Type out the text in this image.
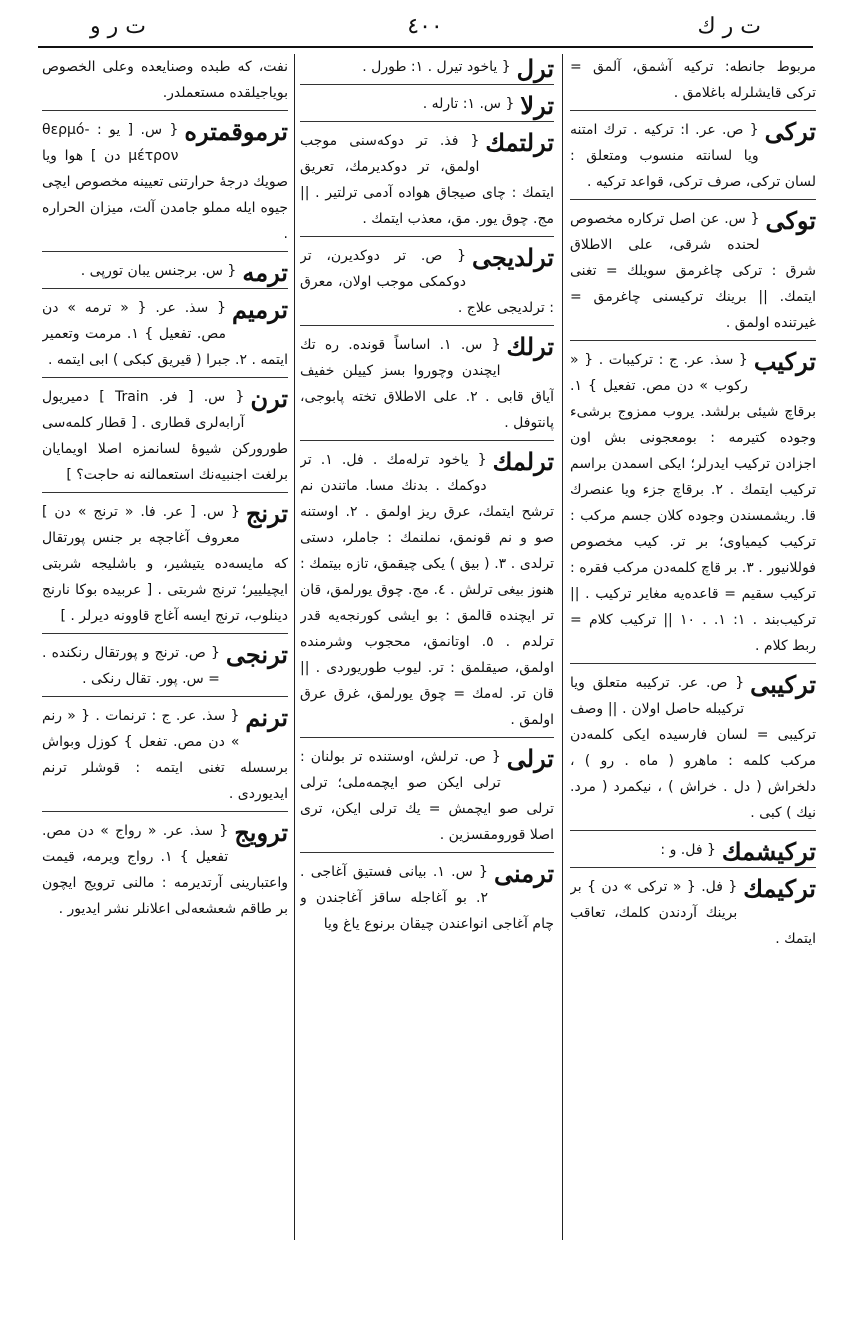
ت ر و	٤٠٠	ت ر ك

مربوط جانطه: ترکيه آشمق، آلمق = ترکی قايشلرله باغلامق .

تركى
{ ص. عر. ا: ترکيه . ترك امتنه ويا لسانته منسوب ومتعلق : لسان ترکی، صرف ترکی، قواعد ترکيه .

توكى
{ س. عن اصل ترکاره مخصوص لحنده شرقی، علی الاطلاق شرق : ترکی چاغرمق سويلك = تغنی ايتمك. || برينك ترکيسنی چاغرمق = غيرتنده اولمق .

تركيب
{ سذ. عر. ج : ترکيبات . { « رکوب » دن مص. تفعيل } ١. برقاچ شيئی برلشد. يروب ممزوج برشیء وجوده کتيرمه : بومعجونی بش اون اجزادن ترکيب ايدرلر؛ ايکی اسمدن براسم ترکيب ايتمك . ٢. برقاچ جزء ويا عنصرك قا. ريشمسندن وجوده کلان جسم مرکب : ترکيب کيمياوی؛ بر تر. کيب مخصوص فوللانيور . ٣. بر قاچ کلمه‌دن مرکب فقره : ترکيب سقيم = قاعده‌يه مغاير ترکيب . || ترکيب‌بند . ١: ١. . ١٠ || ترکيب کلام = ربط کلام .

تركيبى
{ ص. عر. ترکيبه متعلق ويا ترکيبله حاصل اولان . || وصف ترکيبی = لسان فارسيده ايکی کلمه‌دن مرکب کلمه : ماهرو ( ماه . رو ) ، دلخراش ( دل . خراش ) ، نيکمرد ( مرد. نيك ) کبی .

تركيشمك
{ فل. و :

تركيمك
{ فل. { « ترکی » دن } بر برينك آردندن کلمك، تعاقب ايتمك .

ترل
{ ياخود تيرل . ١: طورل .

ترلا
{ س. ١: تارله .

ترلتمك
{ فذ. تر دوکه‌سنی موجب اولمق، تر دوکديرمك، تعريق ايتمك : چای صيجاق هواده آدمی ترلتير . || مج. چوق يور. مق، معذب ايتمك .

ترلدیجی
{ ص. تر دوکديرن، تر دوکمکی موجب اولان، معرق : ترلديجی علاج .

ترلك
{ س. ١. اساساً قونده. ره تك ايچندن وچوروا بسز کيیلن خفيف آياق قابی . ٢. علی الاطلاق تخته پابوجی، پانتوفل .

ترلمك
{ ياخود ترله‌مك . فل. ١. تر دوکمك . بدنك مسا. ماتندن نم ترشح ايتمك، عرق ريز اولمق . ٢. اوستنه صو و نم قونمق، نملنمك : جاملر، دستی ترلدی . ٣. ( بيق ) يکی چيقمق، تازه بيتمك : هنوز بيغی ترلش . ٤. مج. چوق يورلمق، قان تر ايچنده قالمق : بو ايشی کورنجه‌يه قدر ترلدم . ٥. اوتانمق، محجوب وشرمنده اولمق، صيقلمق : تر. ليوب طوريوردی . || قان تر. له‌مك = چوق يورلمق، غرق عرق اولمق .

ترلی
{ ص. ترلش، اوستنده تر بولنان : ترلی ايکن صو ايچمه‌ملی؛ ترلی ترلی صو ايچمش = يك ترلی ايکن، ترى اصلا قورومقسزين .

ترمنی
{ س. ١. بيانی فستيق آغاجی . ٢. بو آغاجله ساقز آغاجندن و چام آغاجی انواعندن چيقان برنوع ياغ ويا

نفت، که طبده وصنايعده وعلی الخصوص بوياجيلقده مستعملدر.

ترموقمتره
{ س. [ يو : θερμό- μέτρον دن ] هوا ويا صويك درجهٔ حرارتنی تعيينه مخصوص ايچی جيوه ايله مملو جامدن آلت، ميزان الحراره .

ترمه
{ س. برجنس يبان تورپی .

ترميم
{ سذ. عر. { « ترمه » دن مص. تفعيل } ١. مرمت وتعمير ايتمه . ٢. جبرا ( قيريق کبکی ) ابی ايتمه .

ترن
{ س. [ فر. Train ] دميريول آرابه‌لری قطاری . [ قطار کلمه‌سی طورورکن شيوهٔ لسانمزه اصلا اويمايان برلغت اجنبيه‌نك استعمالنه نه حاجت؟ ]

ترنج
{ س. [ عر. فا. « ترنج » دن ] معروف آغاجچه بر جنس پورتقال که مايسه‌ده يتيشير، و باشليجه شربتی ايچيليير؛ ترنج شربتی . [ عربيده بوکا نارنج دينلوب، ترنج ايسه آغاج قاوونه ديرلر . ]

ترنجی
{ ص. ترنج و پورتقال رنکنده . = س. پور. تقال رنکی .

ترنم
{ سذ. عر. ج : ترنمات . { « رنم » دن مص. تفعل } کوزل وبواش برسسله تغنی ايتمه : قوشلر ترنم ايديوردی .

ترويج
{ سذ. عر. « رواج » دن مص. تفعيل } ١. رواج ويرمه، قيمت واعتبارينی آرتديرمه : مالنی ترويج ايچون بر طاقم شعشعه‌لی اعلانلر نشر ايديور .
